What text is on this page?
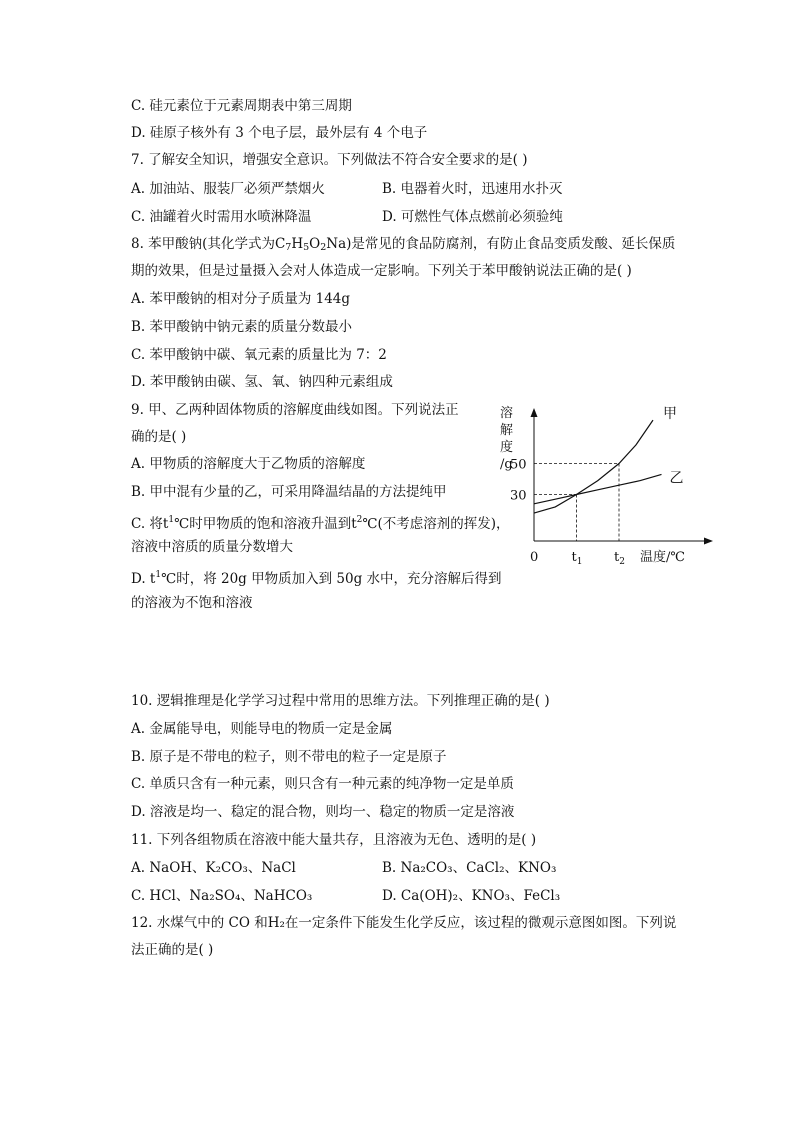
C. 硅元素位于元素周期表中第三周期
D. 硅原子核外有 3 个电子层，最外层有 4 个电子
7. 了解安全知识，增强安全意识。下列做法不符合安全要求的是( )
A. 加油站、服装厂必须严禁烟火	B. 电器着火时，迅速用水扑灭
C. 油罐着火时需用水喷淋降温	D. 可燃性气体点燃前必须验纯
8. 苯甲酸钠(其化学式为$C_7H_5O_2Na$)是常见的食品防腐剂，有防止食品变质发酸、延长保质
期的效果，但是过量摄入会对人体造成一定影响。下列关于苯甲酸钠说法正确的是( )
A. 苯甲酸钠的相对分子质量为 144g
B. 苯甲酸钠中钠元素的质量分数最小
C. 苯甲酸钠中碳、氧元素的质量比为 7：2
D. 苯甲酸钠由碳、氢、氧、钠四种元素组成
9. 甲、乙两种固体物质的溶解度曲线如图。下列说法正
确的是( )
A. 甲物质的溶解度大于乙物质的溶解度
B. 甲中混有少量的乙，可采用降温结晶的方法提纯甲
C. 将$t^1℃$时甲物质的饱和溶液升温到$t^2℃$(不考虑溶剂的挥发)，
溶液中溶质的质量分数增大
D. $t^1℃$时，将 20g 甲物质加入到 50g 水中，充分溶解后得到
的溶液为不饱和溶液
溶
解
度
/g
50
30
$t_1$ $t_2$
0	温度/℃
甲
乙
10. 逻辑推理是化学学习过程中常用的思维方法。下列推理正确的是( )
A. 金属能导电，则能导电的物质一定是金属
B. 原子是不带电的粒子，则不带电的粒子一定是原子
C. 单质只含有一种元素，则只含有一种元素的纯净物一定是单质
D. 溶液是均一、稳定的混合物，则均一、稳定的物质一定是溶液
11. 下列各组物质在溶液中能大量共存，且溶液为无色、透明的是( )
A. NaOH、K₂CO₃、NaCl	B. Na₂CO₃、CaCl₂、KNO₃
C. HCl、Na₂SO₄、NaHCO₃	D. Ca(OH)₂、KNO₃、FeCl₃
12. 水煤气中的 CO 和H₂在一定条件下能发生化学反应，该过程的微观示意图如图。下列说
法正确的是( )
